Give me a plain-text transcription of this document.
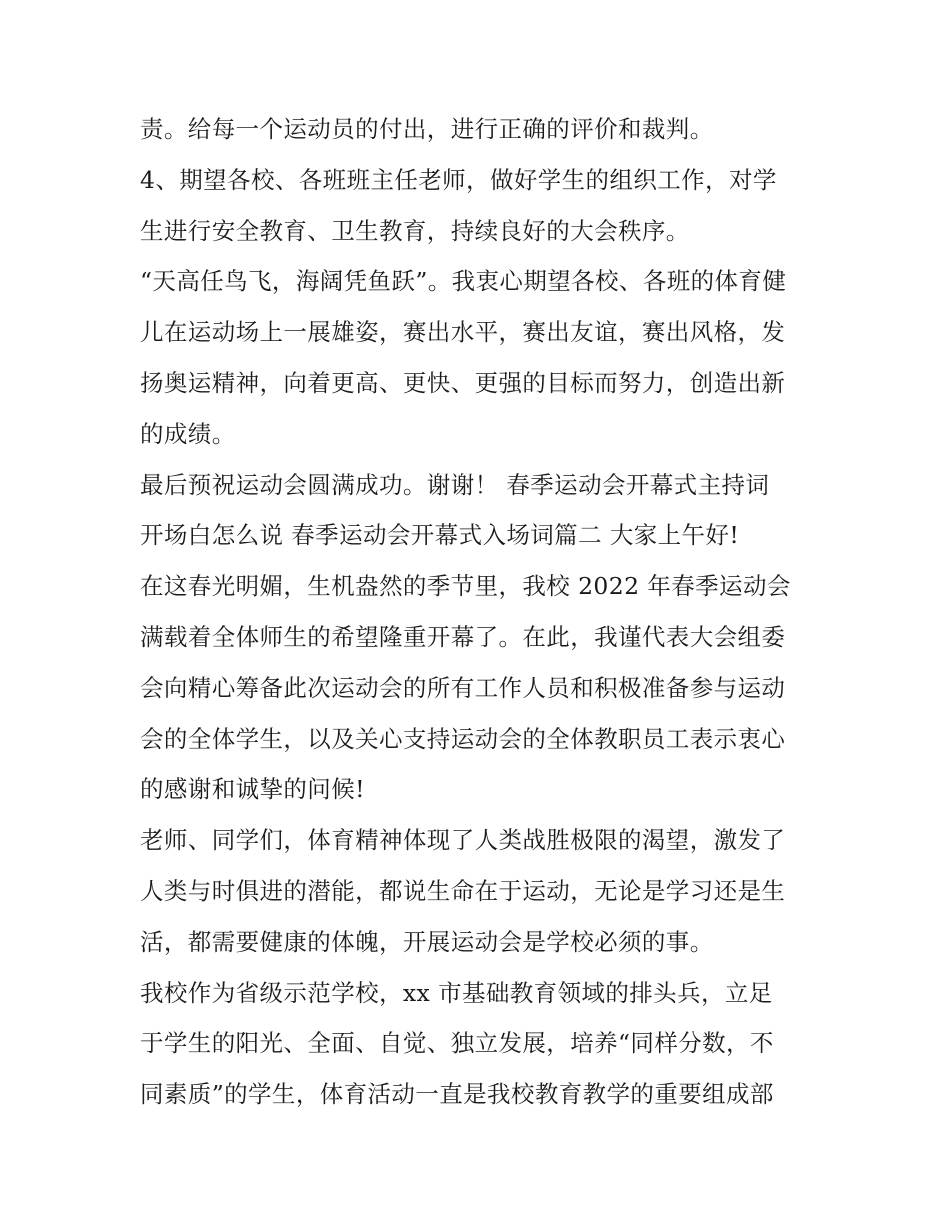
责。给每一个运动员的付出，进行正确的评价和裁判。
4、期望各校、各班班主任老师，做好学生的组织工作，对学
生进行安全教育、卫生教育，持续良好的大会秩序。
“天高任鸟飞，海阔凭鱼跃”。我衷心期望各校、各班的体育健
儿在运动场上一展雄姿，赛出水平，赛出友谊，赛出风格，发
扬奥运精神，向着更高、更快、更强的目标而努力，创造出新
的成绩。
最后预祝运动会圆满成功。谢谢！ 春季运动会开幕式主持词
开场白怎么说 春季运动会开幕式入场词篇二 大家上午好!
在这春光明媚，生机盎然的季节里，我校 2022 年春季运动会
满载着全体师生的希望隆重开幕了。在此，我谨代表大会组委
会向精心筹备此次运动会的所有工作人员和积极准备参与运动
会的全体学生，以及关心支持运动会的全体教职员工表示衷心
的感谢和诚挚的问候!
老师、同学们，体育精神体现了人类战胜极限的渴望，激发了
人类与时俱进的潜能，都说生命在于运动，无论是学习还是生
活，都需要健康的体魄，开展运动会是学校必须的事。
我校作为省级示范学校，xx 市基础教育领域的排头兵，立足
于学生的阳光、全面、自觉、独立发展，培养“同样分数，不
同素质”的学生，体育活动一直是我校教育教学的重要组成部
